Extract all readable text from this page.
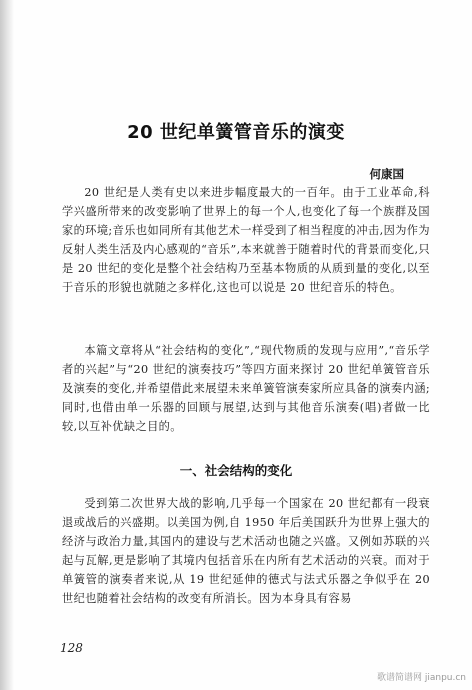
20 世纪单簧管音乐的演变
何康国

20 世纪是人类有史以来进步幅度最大的一百年。由于工业革命,科学兴盛所带来的改变影响了世界上的每一个人,也变化了每一个族群及国家的环境;音乐也如同所有其他艺术一样受到了相当程度的冲击,因为作为反射人类生活及内心感观的“音乐”,本来就善于随着时代的背景而变化,只是 20 世纪的变化是整个社会结构乃至基本物质的从质到量的变化,以至于音乐的形貌也就随之多样化,这也可以说是 20 世纪音乐的特色。

本篇文章将从“社会结构的变化”,“现代物质的发现与应用”,“音乐学者的兴起”与“20 世纪的演奏技巧”等四方面来探讨 20 世纪单簧管音乐及演奏的变化,并希望借此来展望未来单簧管演奏家所应具备的演奏内涵;同时,也借由单一乐器的回顾与展望,达到与其他音乐演奏(唱)者做一比较,以互补优缺之目的。

一、社会结构的变化

受到第二次世界大战的影响,几乎每一个国家在 20 世纪都有一段衰退或战后的兴盛期。以美国为例,自 1950 年后美国跃升为世界上强大的经济与政治力量,其国内的建设与艺术活动也随之兴盛。又例如苏联的兴起与瓦解,更是影响了其境内包括音乐在内所有艺术活动的兴衰。而对于单簧管的演奏者来说,从 19 世纪延伸的德式与法式乐器之争似乎在 20 世纪也随着社会结构的改变有所消长。因为本身具有容易

128
歌谱简谱网 jianpu.cn
